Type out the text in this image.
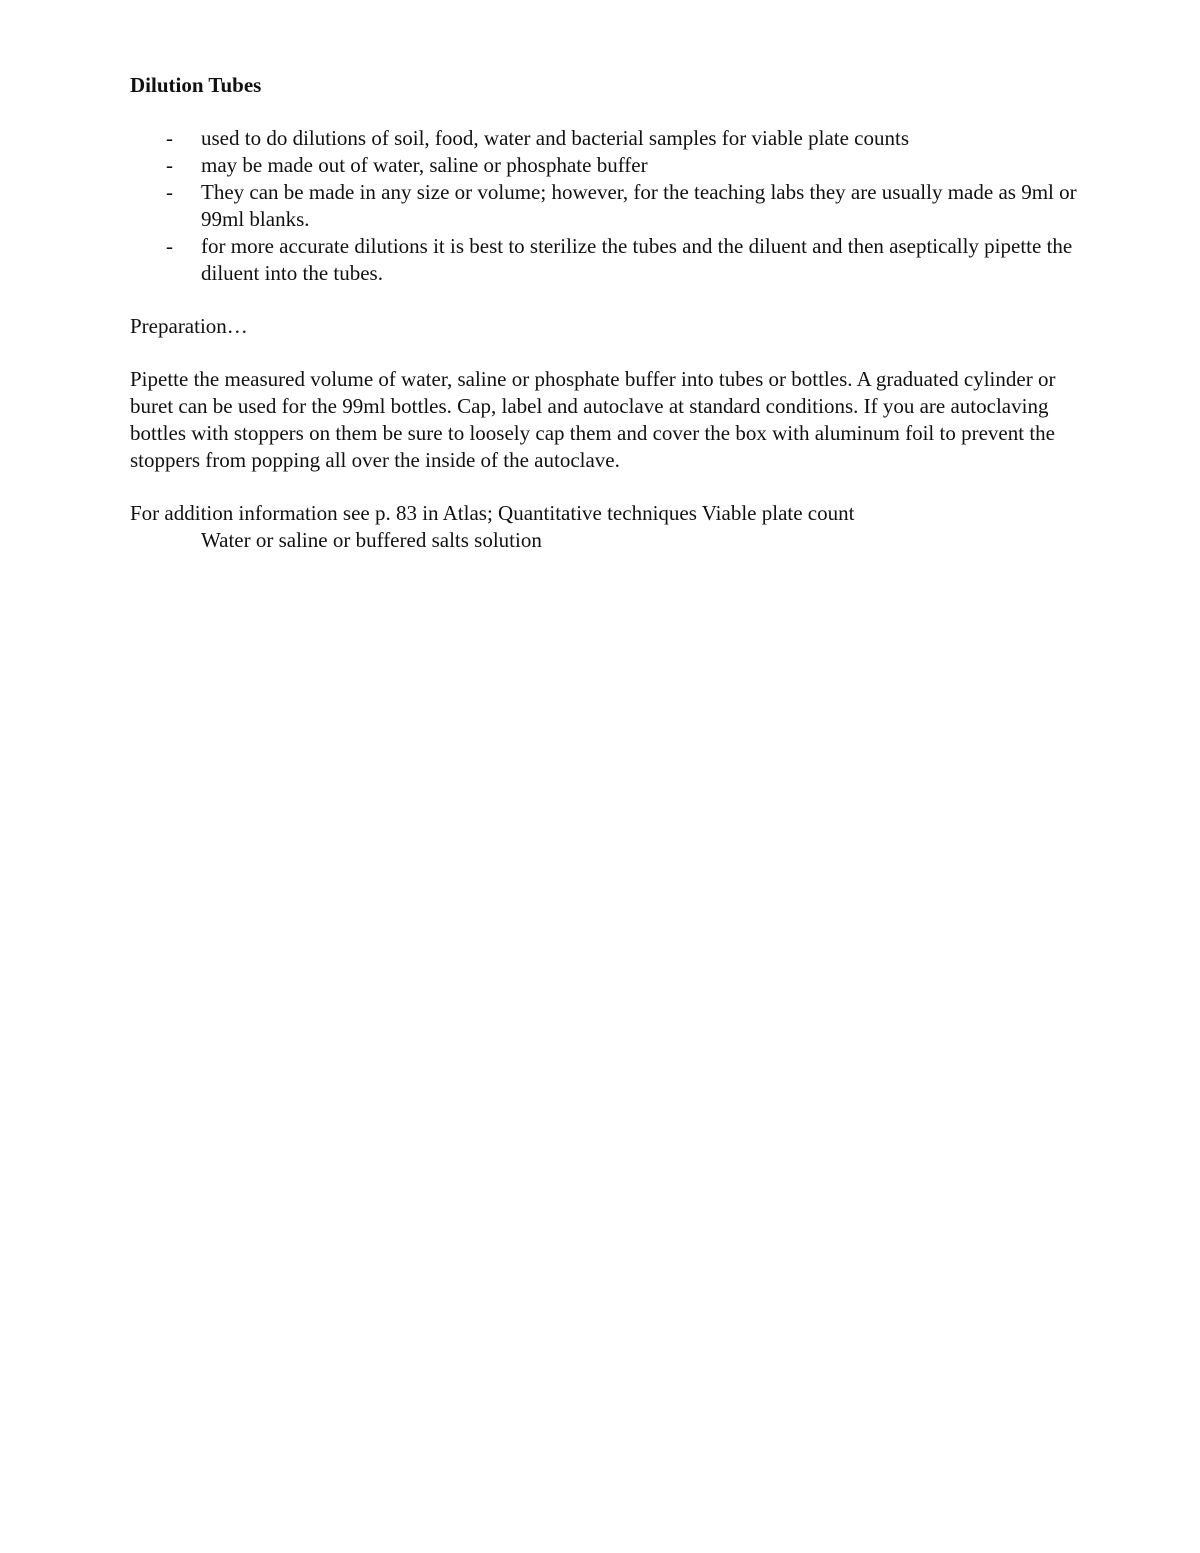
Dilution Tubes

- used to do dilutions of soil, food, water and bacterial samples for viable plate counts
- may be made out of water, saline or phosphate buffer
- They can be made in any size or volume; however, for the teaching labs they are usually made as 9ml or 99ml blanks.
- for more accurate dilutions it is best to sterilize the tubes and the diluent and then aseptically pipette the diluent into the tubes.

Preparation…

Pipette the measured volume of water, saline or phosphate buffer into tubes or bottles. A graduated cylinder or buret can be used for the 99ml bottles. Cap, label and autoclave at standard conditions. If you are autoclaving bottles with stoppers on them be sure to loosely cap them and cover the box with aluminum foil to prevent the stoppers from popping all over the inside of the autoclave.

For addition information see p. 83 in Atlas; Quantitative techniques Viable plate count

Water or saline or buffered salts solution
